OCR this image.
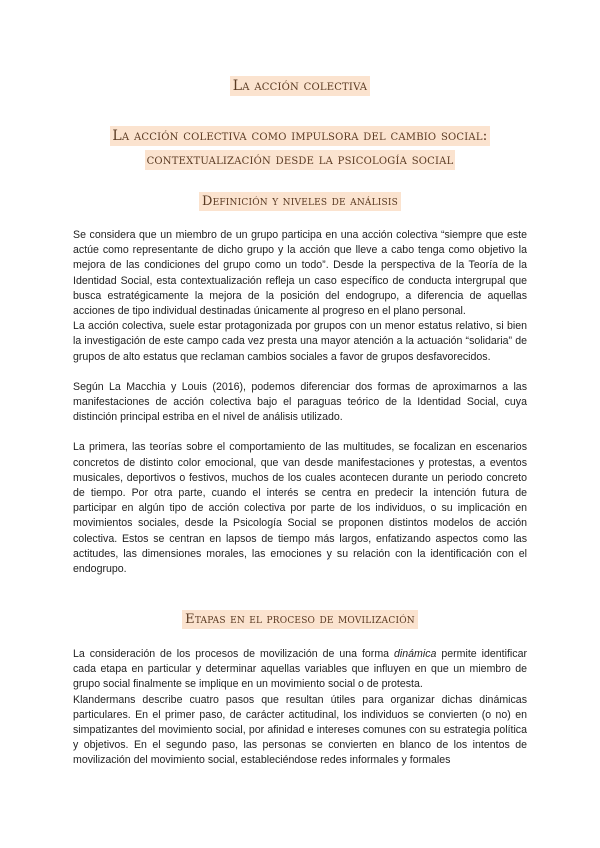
La acción colectiva
La acción colectiva como impulsora del cambio social: contextualización desde la psicología social
Definición y niveles de análisis

Se considera que un miembro de un grupo participa en una acción colectiva “siempre que este actúe como representante de dicho grupo y la acción que lleve a cabo tenga como objetivo la mejora de las condiciones del grupo como un todo”. Desde la perspectiva de la Teoría de la Identidad Social, esta contextualización refleja un caso específico de conducta intergrupal que busca estratégicamente la mejora de la posición del endogrupo, a diferencia de aquellas acciones de tipo individual destinadas únicamente al progreso en el plano personal.

La acción colectiva, suele estar protagonizada por grupos con un menor estatus relativo, si bien la investigación de este campo cada vez presta una mayor atención a la actuación “solidaria” de grupos de alto estatus que reclaman cambios sociales a favor de grupos desfavorecidos.

Según La Macchia y Louis (2016), podemos diferenciar dos formas de aproximarnos a las manifestaciones de acción colectiva bajo el paraguas teórico de la Identidad Social, cuya distinción principal estriba en el nivel de análisis utilizado.

La primera, las teorías sobre el comportamiento de las multitudes, se focalizan en escenarios concretos de distinto color emocional, que van desde manifestaciones y protestas, a eventos musicales, deportivos o festivos, muchos de los cuales acontecen durante un periodo concreto de tiempo. Por otra parte, cuando el interés se centra en predecir la intención futura de participar en algún tipo de acción colectiva por parte de los individuos, o su implicación en movimientos sociales, desde la Psicología Social se proponen distintos modelos de acción colectiva. Estos se centran en lapsos de tiempo más largos, enfatizando aspectos como las actitudes, las dimensiones morales, las emociones y su relación con la identificación con el endogrupo.

Etapas en el proceso de movilización

La consideración de los procesos de movilización de una forma dinámica permite identificar cada etapa en particular y determinar aquellas variables que influyen en que un miembro de grupo social finalmente se implique en un movimiento social o de protesta.

Klandermans describe cuatro pasos que resultan útiles para organizar dichas dinámicas particulares. En el primer paso, de carácter actitudinal, los individuos se convierten (o no) en simpatizantes del movimiento social, por afinidad e intereses comunes con su estrategia política y objetivos. En el segundo paso, las personas se convierten en blanco de los intentos de movilización del movimiento social, estableciéndose redes informales y formales
